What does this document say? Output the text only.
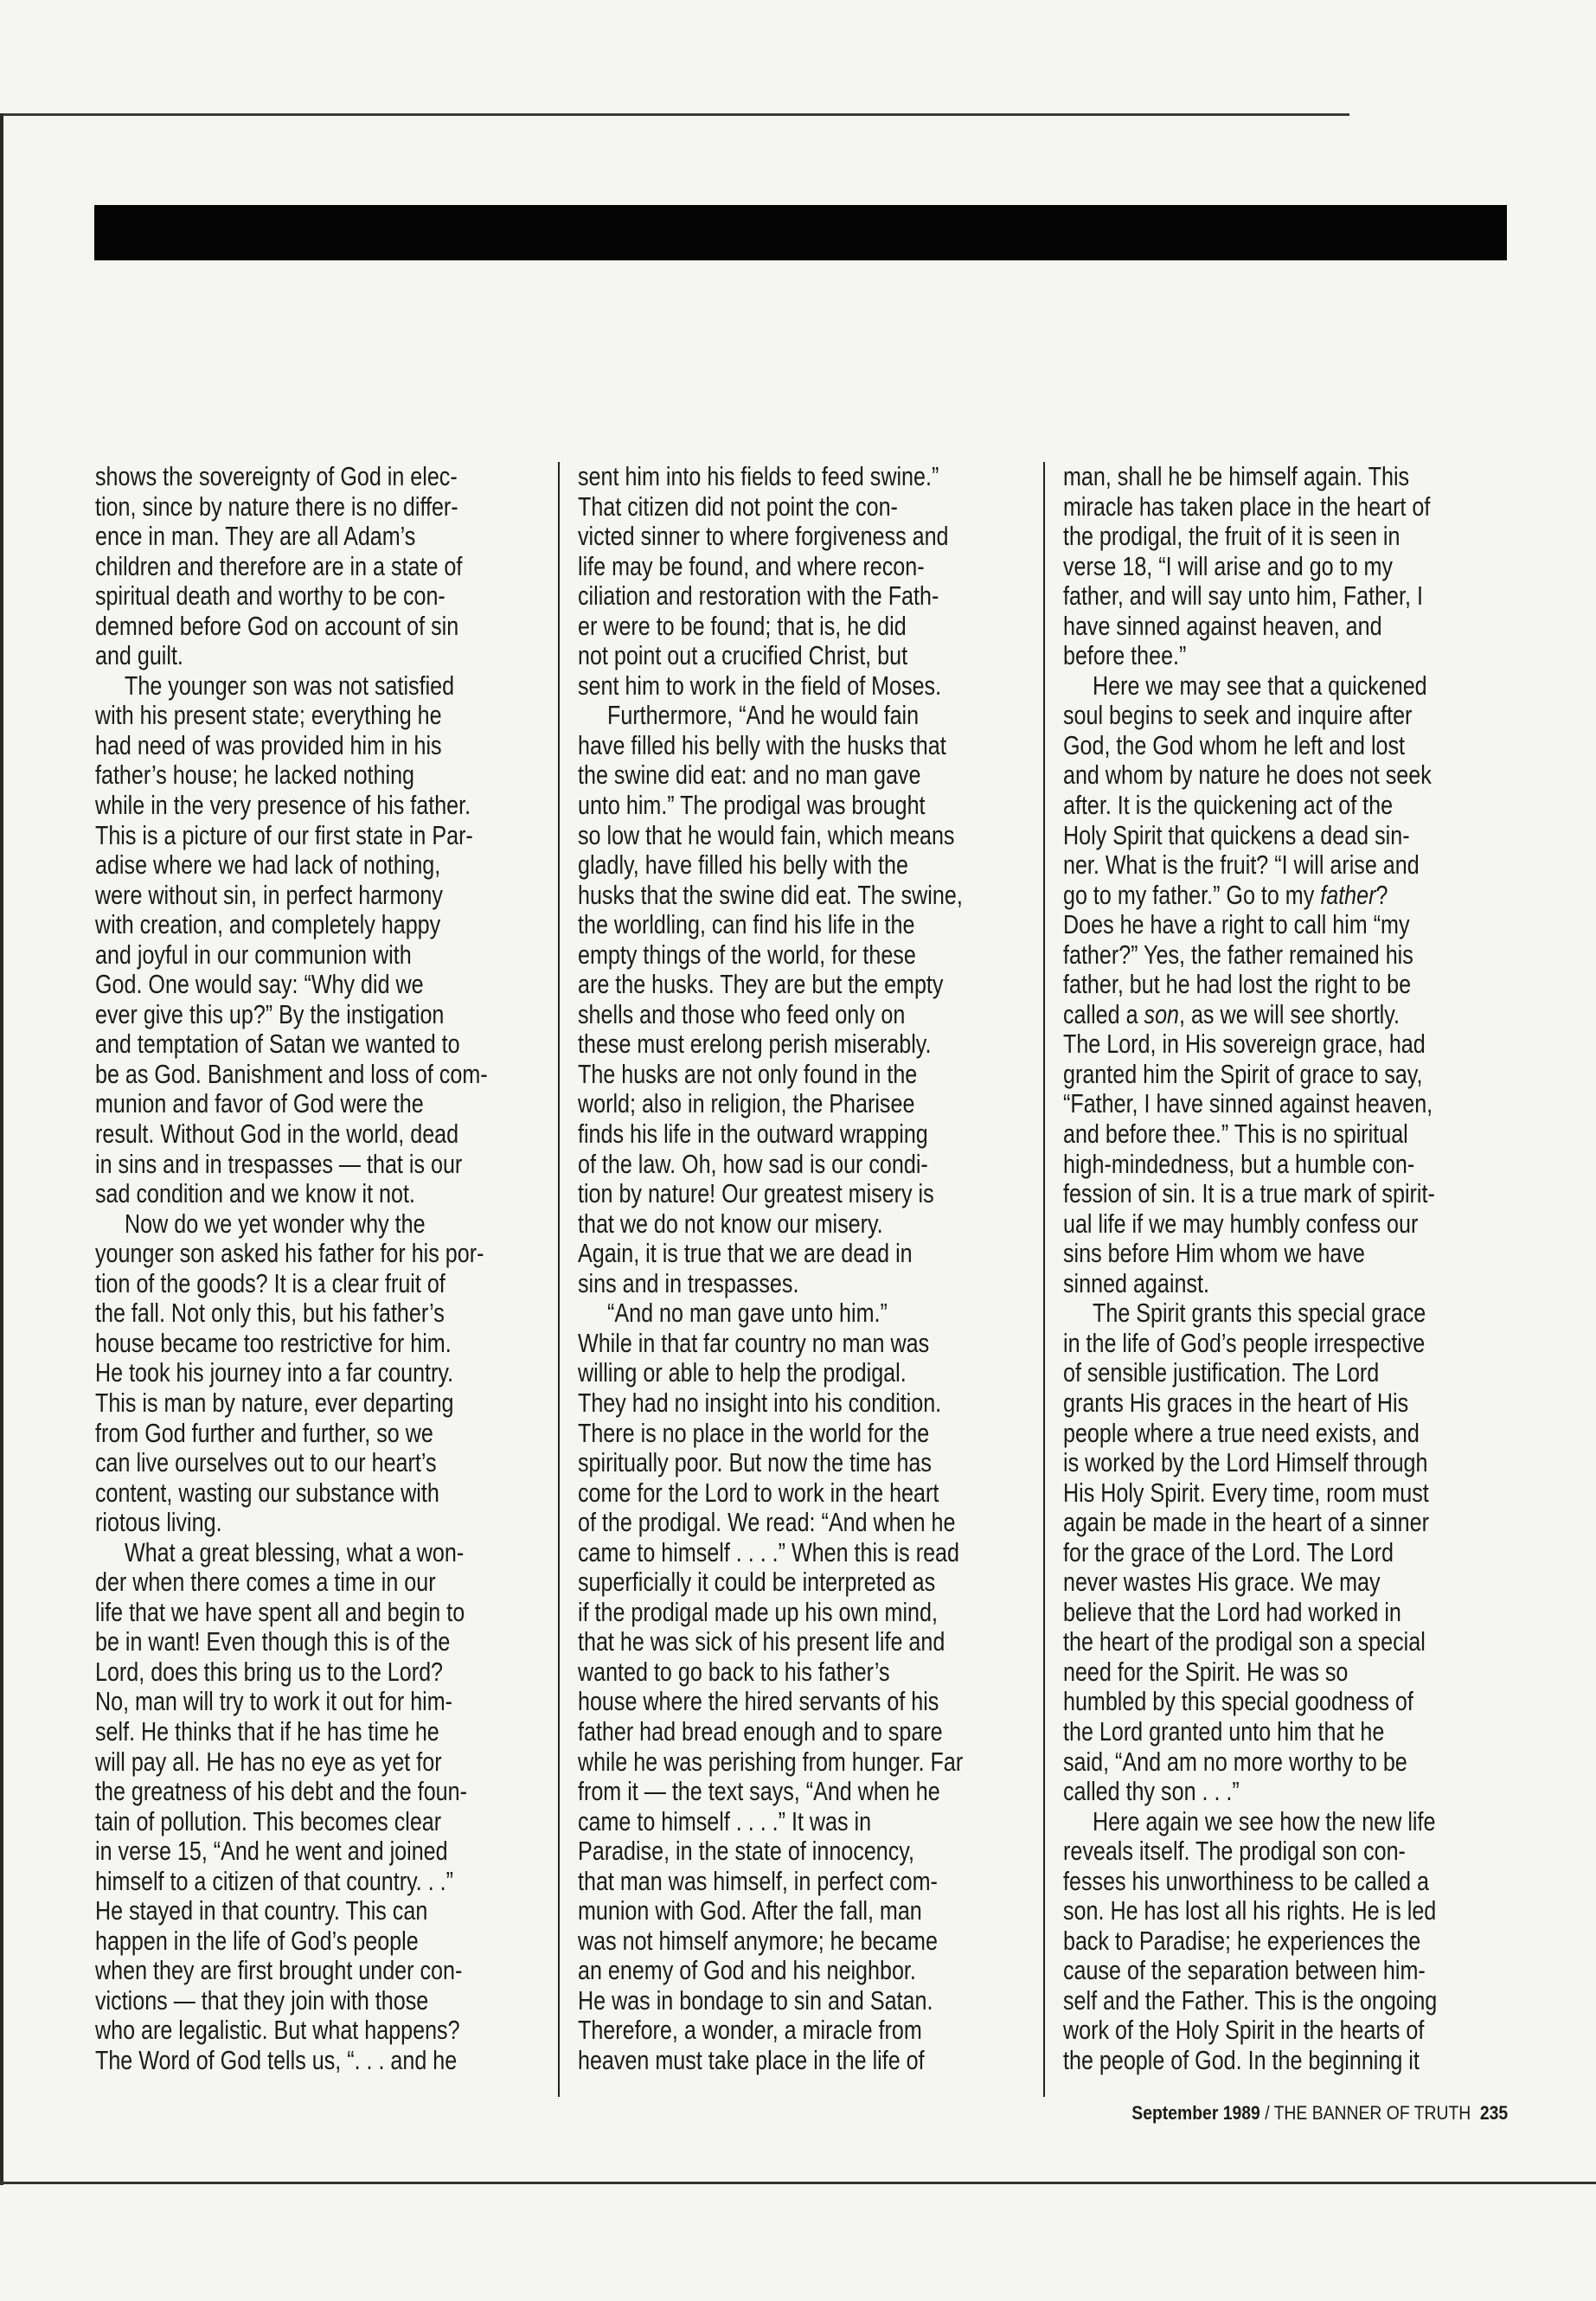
shows the sovereignty of God in elec-
tion, since by nature there is no differ-
ence in man. They are all Adam’s
children and therefore are in a state of
spiritual death and worthy to be con-
demned before God on account of sin
and guilt.
The younger son was not satisfied
with his present state; everything he
had need of was provided him in his
father’s house; he lacked nothing
while in the very presence of his father.
This is a picture of our first state in Par-
adise where we had lack of nothing,
were without sin, in perfect harmony
with creation, and completely happy
and joyful in our communion with
God. One would say: “Why did we
ever give this up?” By the instigation
and temptation of Satan we wanted to
be as God. Banishment and loss of com-
munion and favor of God were the
result. Without God in the world, dead
in sins and in trespasses — that is our
sad condition and we know it not.
Now do we yet wonder why the
younger son asked his father for his por-
tion of the goods? It is a clear fruit of
the fall. Not only this, but his father’s
house became too restrictive for him.
He took his journey into a far country.
This is man by nature, ever departing
from God further and further, so we
can live ourselves out to our heart’s
content, wasting our substance with
riotous living.
What a great blessing, what a won-
der when there comes a time in our
life that we have spent all and begin to
be in want! Even though this is of the
Lord, does this bring us to the Lord?
No, man will try to work it out for him-
self. He thinks that if he has time he
will pay all. He has no eye as yet for
the greatness of his debt and the foun-
tain of pollution. This becomes clear
in verse 15, “And he went and joined
himself to a citizen of that country. . .”
He stayed in that country. This can
happen in the life of God’s people
when they are first brought under con-
victions — that they join with those
who are legalistic. But what happens?
The Word of God tells us, “. . . and he
sent him into his fields to feed swine.”
That citizen did not point the con-
victed sinner to where forgiveness and
life may be found, and where recon-
ciliation and restoration with the Fath-
er were to be found; that is, he did
not point out a crucified Christ, but
sent him to work in the field of Moses.
Furthermore, “And he would fain
have filled his belly with the husks that
the swine did eat: and no man gave
unto him.” The prodigal was brought
so low that he would fain, which means
gladly, have filled his belly with the
husks that the swine did eat. The swine,
the worldling, can find his life in the
empty things of the world, for these
are the husks. They are but the empty
shells and those who feed only on
these must erelong perish miserably.
The husks are not only found in the
world; also in religion, the Pharisee
finds his life in the outward wrapping
of the law. Oh, how sad is our condi-
tion by nature! Our greatest misery is
that we do not know our misery.
Again, it is true that we are dead in
sins and in trespasses.
“And no man gave unto him.”
While in that far country no man was
willing or able to help the prodigal.
They had no insight into his condition.
There is no place in the world for the
spiritually poor. But now the time has
come for the Lord to work in the heart
of the prodigal. We read: “And when he
came to himself . . . .” When this is read
superficially it could be interpreted as
if the prodigal made up his own mind,
that he was sick of his present life and
wanted to go back to his father’s
house where the hired servants of his
father had bread enough and to spare
while he was perishing from hunger. Far
from it — the text says, “And when he
came to himself . . . .” It was in
Paradise, in the state of innocency,
that man was himself, in perfect com-
munion with God. After the fall, man
was not himself anymore; he became
an enemy of God and his neighbor.
He was in bondage to sin and Satan.
Therefore, a wonder, a miracle from
heaven must take place in the life of
man, shall he be himself again. This
miracle has taken place in the heart of
the prodigal, the fruit of it is seen in
verse 18, “I will arise and go to my
father, and will say unto him, Father, I
have sinned against heaven, and
before thee.”
Here we may see that a quickened
soul begins to seek and inquire after
God, the God whom he left and lost
and whom by nature he does not seek
after. It is the quickening act of the
Holy Spirit that quickens a dead sin-
ner. What is the fruit? “I will arise and
go to my father.” Go to my father?
Does he have a right to call him “my
father?” Yes, the father remained his
father, but he had lost the right to be
called a son, as we will see shortly.
The Lord, in His sovereign grace, had
granted him the Spirit of grace to say,
“Father, I have sinned against heaven,
and before thee.” This is no spiritual
high-mindedness, but a humble con-
fession of sin. It is a true mark of spirit-
ual life if we may humbly confess our
sins before Him whom we have
sinned against.
The Spirit grants this special grace
in the life of God’s people irrespective
of sensible justification. The Lord
grants His graces in the heart of His
people where a true need exists, and
is worked by the Lord Himself through
His Holy Spirit. Every time, room must
again be made in the heart of a sinner
for the grace of the Lord. The Lord
never wastes His grace. We may
believe that the Lord had worked in
the heart of the prodigal son a special
need for the Spirit. He was so
humbled by this special goodness of
the Lord granted unto him that he
said, “And am no more worthy to be
called thy son . . .”
Here again we see how the new life
reveals itself. The prodigal son con-
fesses his unworthiness to be called a
son. He has lost all his rights. He is led
back to Paradise; he experiences the
cause of the separation between him-
self and the Father. This is the ongoing
work of the Holy Spirit in the hearts of
the people of God. In the beginning it
September 1989 / THE BANNER OF TRUTH 235
